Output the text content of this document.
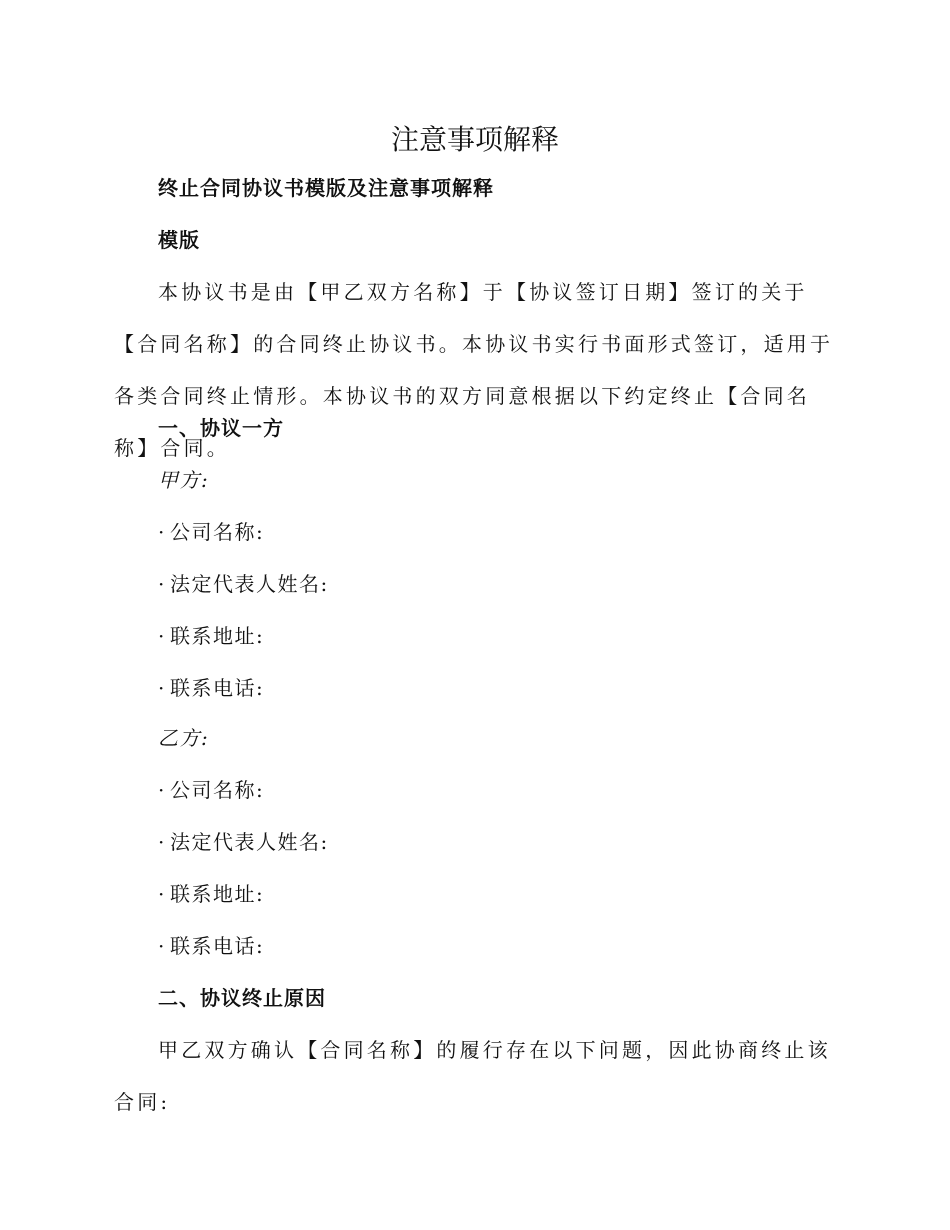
注意事项解释
终止合同协议书模版及注意事项解释
模版

本协议书是由【甲乙双方名称】于【协议签订日期】签订的关于【合同名称】的合同终止协议书。本协议书实行书面形式签订，适用于各类合同终止情形。本协议书的双方同意根据以下约定终止【合同名称】合同。

一、协议一方
甲方:
· 公司名称:
· 法定代表人姓名:
· 联系地址:
· 联系电话:
乙方:
· 公司名称:
· 法定代表人姓名:
· 联系地址:
· 联系电话:
二、协议终止原因

甲乙双方确认【合同名称】的履行存在以下问题，因此协商终止该合同:
